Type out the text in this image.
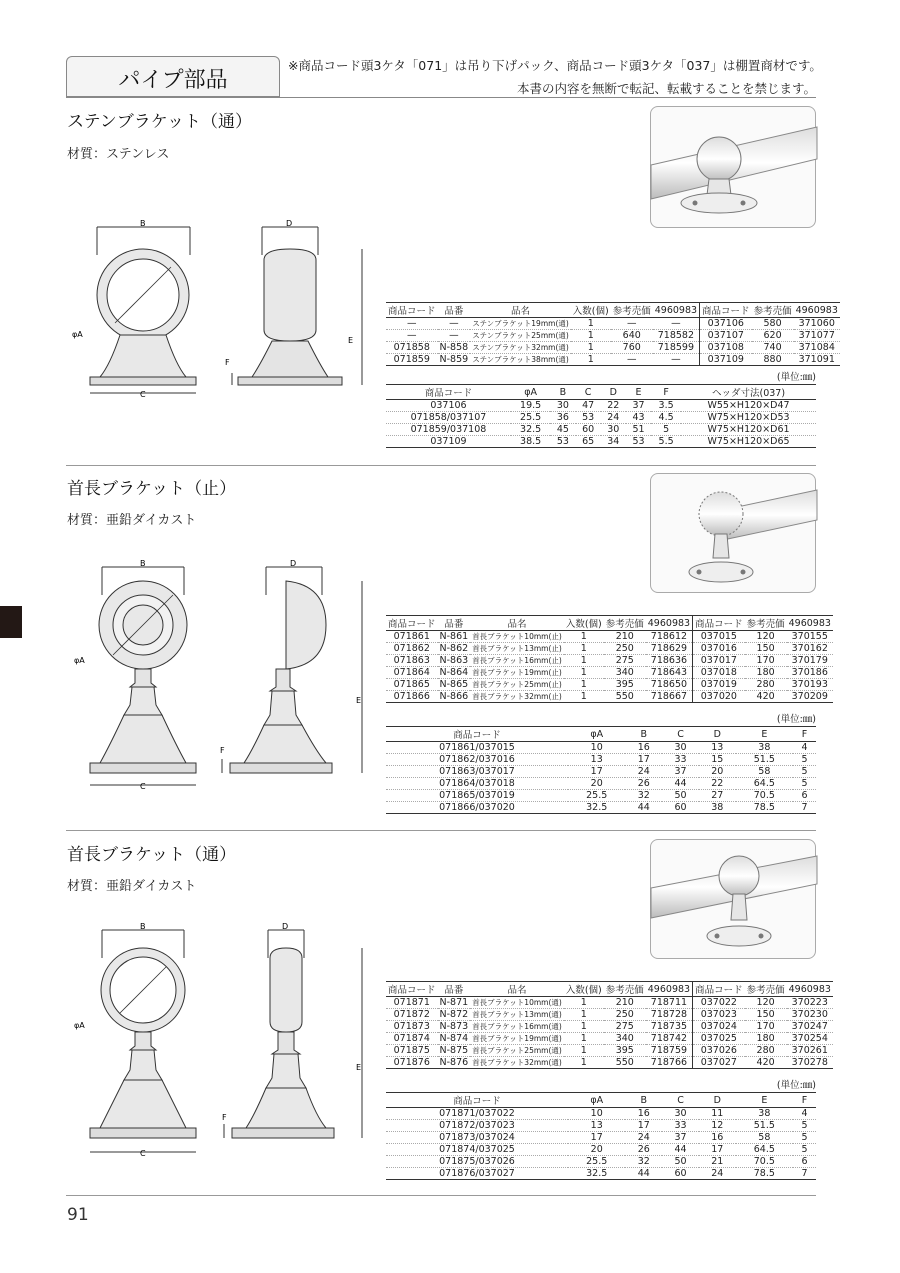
パイプ部品
※商品コード頭3ケタ「071」は吊り下げパック、商品コード頭3ケタ「037」は棚置商材です。
本書の内容を無断で転記、転載することを禁じます。
ステンブラケット（通）
材質：ステンレス
B
φA
C
D
E
F
商品コード	品番	品名	入数(個)	参考売価	4960983	商品コード	参考売価	4960983
—	—	ステンブラケット19mm(通)	1	—	—	037106	580	371060
—	—	ステンブラケット25mm(通)	1	640	718582	037107	620	371077
071858	N-858	ステンブラケット32mm(通)	1	760	718599	037108	740	371084
071859	N-859	ステンブラケット38mm(通)	1	—	—	037109	880	371091
(単位:㎜)
商品コード	φA	B	C	D	E	F	ヘッダ寸法(037)
037106	19.5	30	47	22	37	3.5	W55×H120×D47
071858/037107	25.5	36	53	24	43	4.5	W75×H120×D53
071859/037108	32.5	45	60	30	51	5	W75×H120×D61
037109	38.5	53	65	34	53	5.5	W75×H120×D65
首長ブラケット（止）
材質：亜鉛ダイカスト
B
φA
C
D
E
F
商品コード	品番	品名	入数(個)	参考売価	4960983	商品コード	参考売価	4960983
071861	N-861	首長ブラケット10mm(止)	1	210	718612	037015	120	370155
071862	N-862	首長ブラケット13mm(止)	1	250	718629	037016	150	370162
071863	N-863	首長ブラケット16mm(止)	1	275	718636	037017	170	370179
071864	N-864	首長ブラケット19mm(止)	1	340	718643	037018	180	370186
071865	N-865	首長ブラケット25mm(止)	1	395	718650	037019	280	370193
071866	N-866	首長ブラケット32mm(止)	1	550	718667	037020	420	370209
(単位:㎜)
商品コード	φA	B	C	D	E	F
071861/037015	10	16	30	13	38	4
071862/037016	13	17	33	15	51.5	5
071863/037017	17	24	37	20	58	5
071864/037018	20	26	44	22	64.5	5
071865/037019	25.5	32	50	27	70.5	6
071866/037020	32.5	44	60	38	78.5	7
首長ブラケット（通）
材質：亜鉛ダイカスト
B
φA
C
D
E
F
商品コード	品番	品名	入数(個)	参考売価	4960983	商品コード	参考売価	4960983
071871	N-871	首長ブラケット10mm(通)	1	210	718711	037022	120	370223
071872	N-872	首長ブラケット13mm(通)	1	250	718728	037023	150	370230
071873	N-873	首長ブラケット16mm(通)	1	275	718735	037024	170	370247
071874	N-874	首長ブラケット19mm(通)	1	340	718742	037025	180	370254
071875	N-875	首長ブラケット25mm(通)	1	395	718759	037026	280	370261
071876	N-876	首長ブラケット32mm(通)	1	550	718766	037027	420	370278
(単位:㎜)
商品コード	φA	B	C	D	E	F
071871/037022	10	16	30	11	38	4
071872/037023	13	17	33	12	51.5	5
071873/037024	17	24	37	16	58	5
071874/037025	20	26	44	17	64.5	5
071875/037026	25.5	32	50	21	70.5	6
071876/037027	32.5	44	60	24	78.5	7
91
